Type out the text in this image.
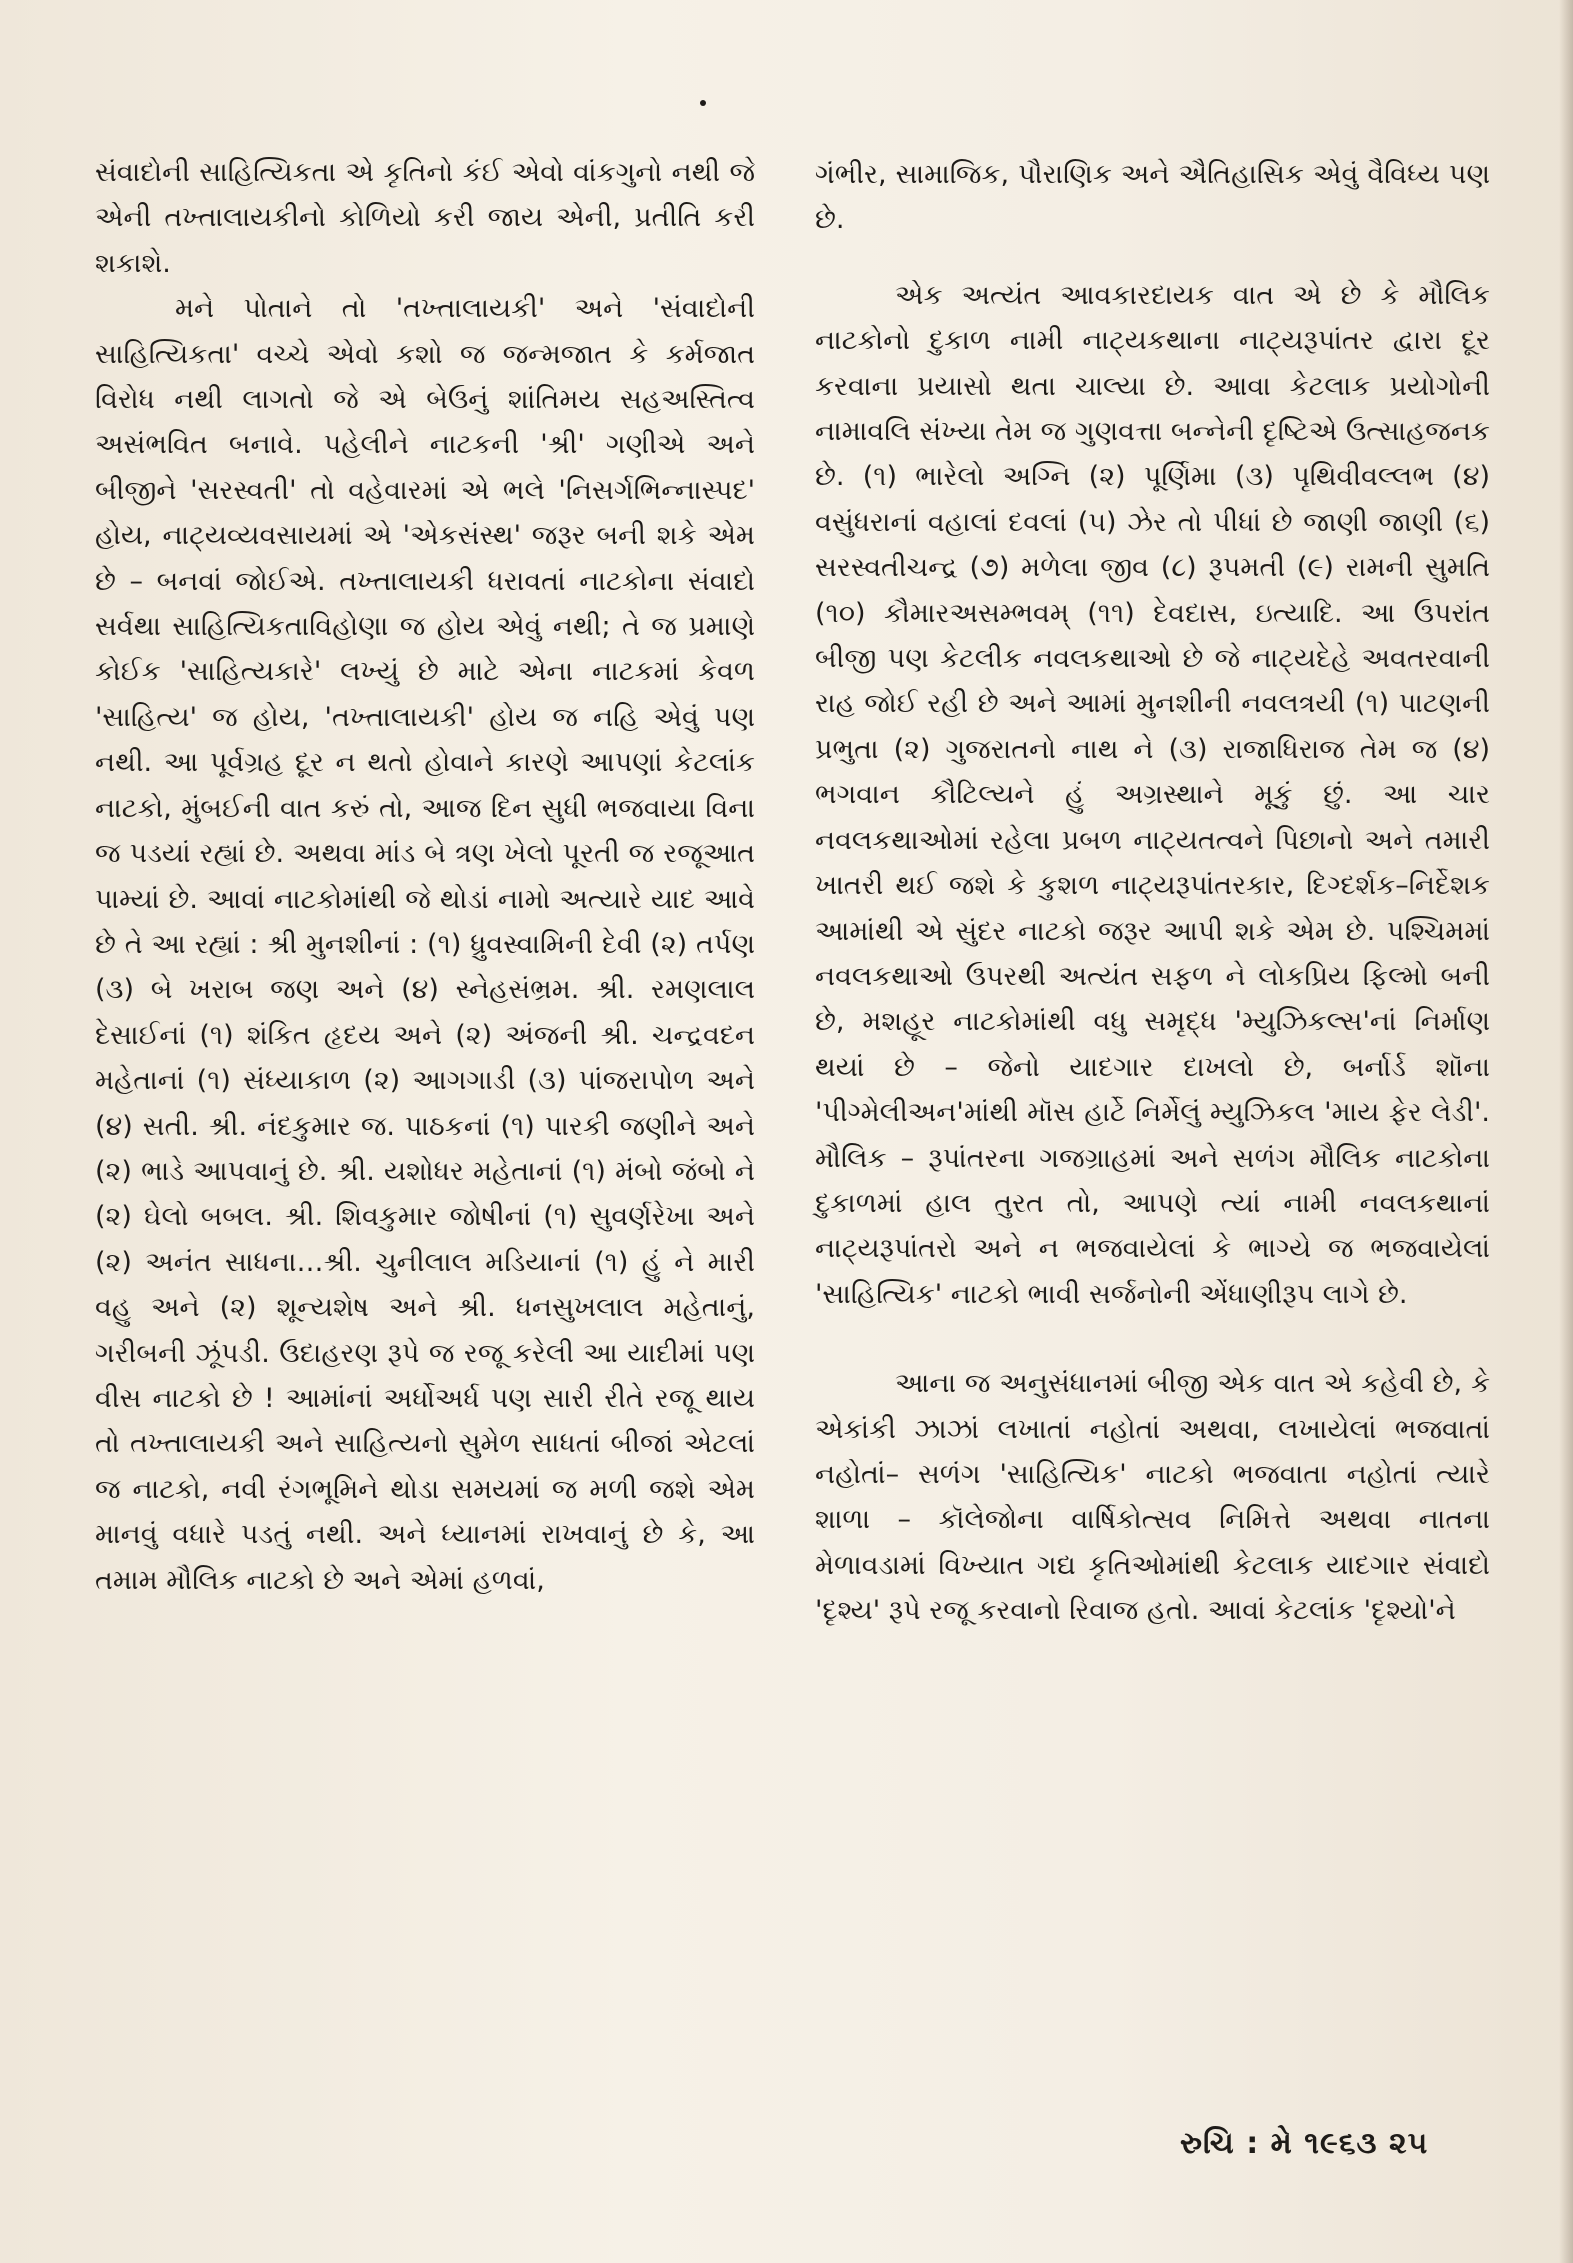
સંવાદોની સાહિત્યિકતા એ કૃતિનો કંઈ એવો વાંકગુનો નથી જે એની તખ્તાલાયકીનો કોળિયો કરી જાય એની, પ્રતીતિ કરી શકાશે.

મને પોતાને તો 'તખ્તાલાયકી' અને 'સંવાદોની સાહિત્યિકતા' વચ્ચે એવો કશો જ જન્મજાત કે કર્મજાત વિરોધ નથી લાગતો જે એ બેઉનું શાંતિમય સહઅસ્તિત્વ અસંભવિત બનાવે. પહેલીને નાટકની 'શ્રી' ગણીએ અને બીજીને 'સરસ્વતી' તો વહેવારમાં એ ભલે 'નિસર્ગભિન્નાસ્પદ' હોય, નાટ્યવ્યવસાયમાં એ 'એકસંસ્થ' જરૂર બની શકે એમ છે – બનવાં જોઈએ. તખ્તાલાયકી ધરાવતાં નાટકોના સંવાદો સર્વથા સાહિત્યિકતાવિહોણા જ હોય એવું નથી; તે જ પ્રમાણે કોઈક 'સાહિત્યકારે' લખ્યું છે માટે એના નાટકમાં કેવળ 'સાહિત્ય' જ હોય, 'તખ્તાલાયકી' હોય જ નહિ એવું પણ નથી. આ પૂર્વગ્રહ દૂર ન થતો હોવાને કારણે આપણાં કેટલાંક નાટકો, મુંબઈની વાત કરું તો, આજ દિન સુધી ભજવાયા વિના જ પડયાં રહ્યાં છે. અથવા માંડ બે ત્રણ ખેલો પૂરતી જ રજૂઆત પામ્યાં છે. આવાં નાટકોમાંથી જે થોડાં નામો અત્યારે યાદ આવે છે તે આ રહ્યાં : શ્રી મુનશીનાં : (૧) ધ્રુવસ્વામિની દેવી (૨) તર્પણ (૩) બે ખરાબ જણ અને (૪) સ્નેહસંભ્રમ. શ્રી. રમણલાલ દેસાઈનાં (૧) શંકિત હૃદય અને (૨) અંજની શ્રી. ચન્દ્રવદન મહેતાનાં (૧) સંધ્યાકાળ (૨) આગગાડી (૩) પાંજરાપોળ અને (૪) સતી. શ્રી. નંદકુમાર જ. પાઠકનાં (૧) પારકી જણીને અને (૨) ભાડે આપવાનું છે. શ્રી. યશોધર મહેતાનાં (૧) મંબો જંબો ને (૨) ઘેલો બબલ. શ્રી. શિવકુમાર જોષીનાં (૧) સુવર્ણરેખા અને (૨) અનંત સાધના…શ્રી. ચુનીલાલ મડિયાનાં (૧) હું ને મારી વહુ અને (૨) શૂન્યશેષ અને શ્રી. ધનસુખલાલ મહેતાનું, ગરીબની ઝૂંપડી. ઉદાહરણ રૂપે જ રજૂ કરેલી આ યાદીમાં પણ વીસ નાટકો છે ! આમાંનાં અર્ધોઅર્ધ પણ સારી રીતે રજૂ થાય તો તખ્તાલાયકી અને સાહિત્યનો સુમેળ સાધતાં બીજાં એટલાં જ નાટકો, નવી રંગભૂમિને થોડા સમયમાં જ મળી જશે એમ માનવું વધારે પડતું નથી. અને ધ્યાનમાં રાખવાનું છે કે, આ તમામ મૌલિક નાટકો છે અને એમાં હળવાં,

ગંભીર, સામાજિક, પૌરાણિક અને ઐતિહાસિક એવું વૈવિધ્ય પણ છે.

એક અત્યંત આવકારદાયક વાત એ છે કે મૌલિક નાટકોનો દુકાળ નામી નાટ્યકથાના નાટ્યરૂપાંતર દ્વારા દૂર કરવાના પ્રયાસો થતા ચાલ્યા છે. આવા કેટલાક પ્રયોગોની નામાવલિ સંખ્યા તેમ જ ગુણવત્તા બન્નેની દૃષ્ટિએ ઉત્સાહજનક છે. (૧) ભારેલો અગ્નિ (૨) પૂર્ણિમા (૩) પૃથિવીવલ્લભ (૪) વસુંધરાનાં વહાલાં દવલાં (૫) ઝેર તો પીધાં છે જાણી જાણી (૬) સરસ્વતીચન્દ્ર (૭) મળેલા જીવ (૮) રૂપમતી (૯) રામની સુમતિ (૧૦) કૌમારઅસમ્ભવમ્ (૧૧) દેવદાસ, ઇત્યાદિ. આ ઉપરાંત બીજી પણ કેટલીક નવલકથાઓ છે જે નાટ્યદેહે અવતરવાની રાહ જોઈ રહી છે અને આમાં મુનશીની નવલત્રયી (૧) પાટણની પ્રભુતા (૨) ગુજરાતનો નાથ ને (૩) રાજાધિરાજ તેમ જ (૪) ભગવાન કૌટિલ્યને હું અગ્રસ્થાને મૂકું છું. આ ચાર નવલકથાઓમાં રહેલા પ્રબળ નાટ્યતત્વને પિછાનો અને તમારી ખાતરી થઈ જશે કે કુશળ નાટ્યરૂપાંતરકાર, દિગ્દર્શક–નિર્દેશક આમાંથી એ સુંદર નાટકો જરૂર આપી શકે એમ છે. પશ્ચિમમાં નવલકથાઓ ઉપરથી અત્યંત સફળ ને લોકપ્રિય ફિલ્મો બની છે, મશહૂર નાટકોમાંથી વધુ સમૃદ્ધ 'મ્યુઝિકલ્સ'નાં નિર્માણ થયાં છે – જેનો યાદગાર દાખલો છે, બર્નાર્ડ શૉના 'પીગ્મેલીઅન'માંથી મૉસ હાર્ટે નિર્મેલું મ્યુઝિકલ 'માય ફેર લેડી'. મૌલિક – રૂપાંતરના ગજગ્રાહમાં અને સળંગ મૌલિક નાટકોના દુકાળમાં હાલ તુરત તો, આપણે ત્યાં નામી નવલકથાનાં નાટ્યરૂપાંતરો અને ન ભજવાયેલાં કે ભાગ્યે જ ભજવાયેલાં 'સાહિત્યિક' નાટકો ભાવી સર્જનોની એંધાણીરૂપ લાગે છે.

આના જ અનુસંધાનમાં બીજી એક વાત એ કહેવી છે, કે એકાંકી ઝાઝાં લખાતાં નહોતાં અથવા, લખાયેલાં ભજવાતાં નહોતાં– સળંગ 'સાહિત્યિક' નાટકો ભજવાતા નહોતાં ત્યારે શાળા – કૉલેજોના વાર્ષિકોત્સવ નિમિત્તે અથવા નાતના મેળાવડામાં વિખ્યાત ગદ્ય કૃતિઓમાંથી કેટલાક યાદગાર સંવાદો 'દૃશ્ય' રૂપે રજૂ કરવાનો રિવાજ હતો. આવાં કેટલાંક 'દૃશ્યો'ને

રુચિ : મે ૧૯૬૩ ૨૫
